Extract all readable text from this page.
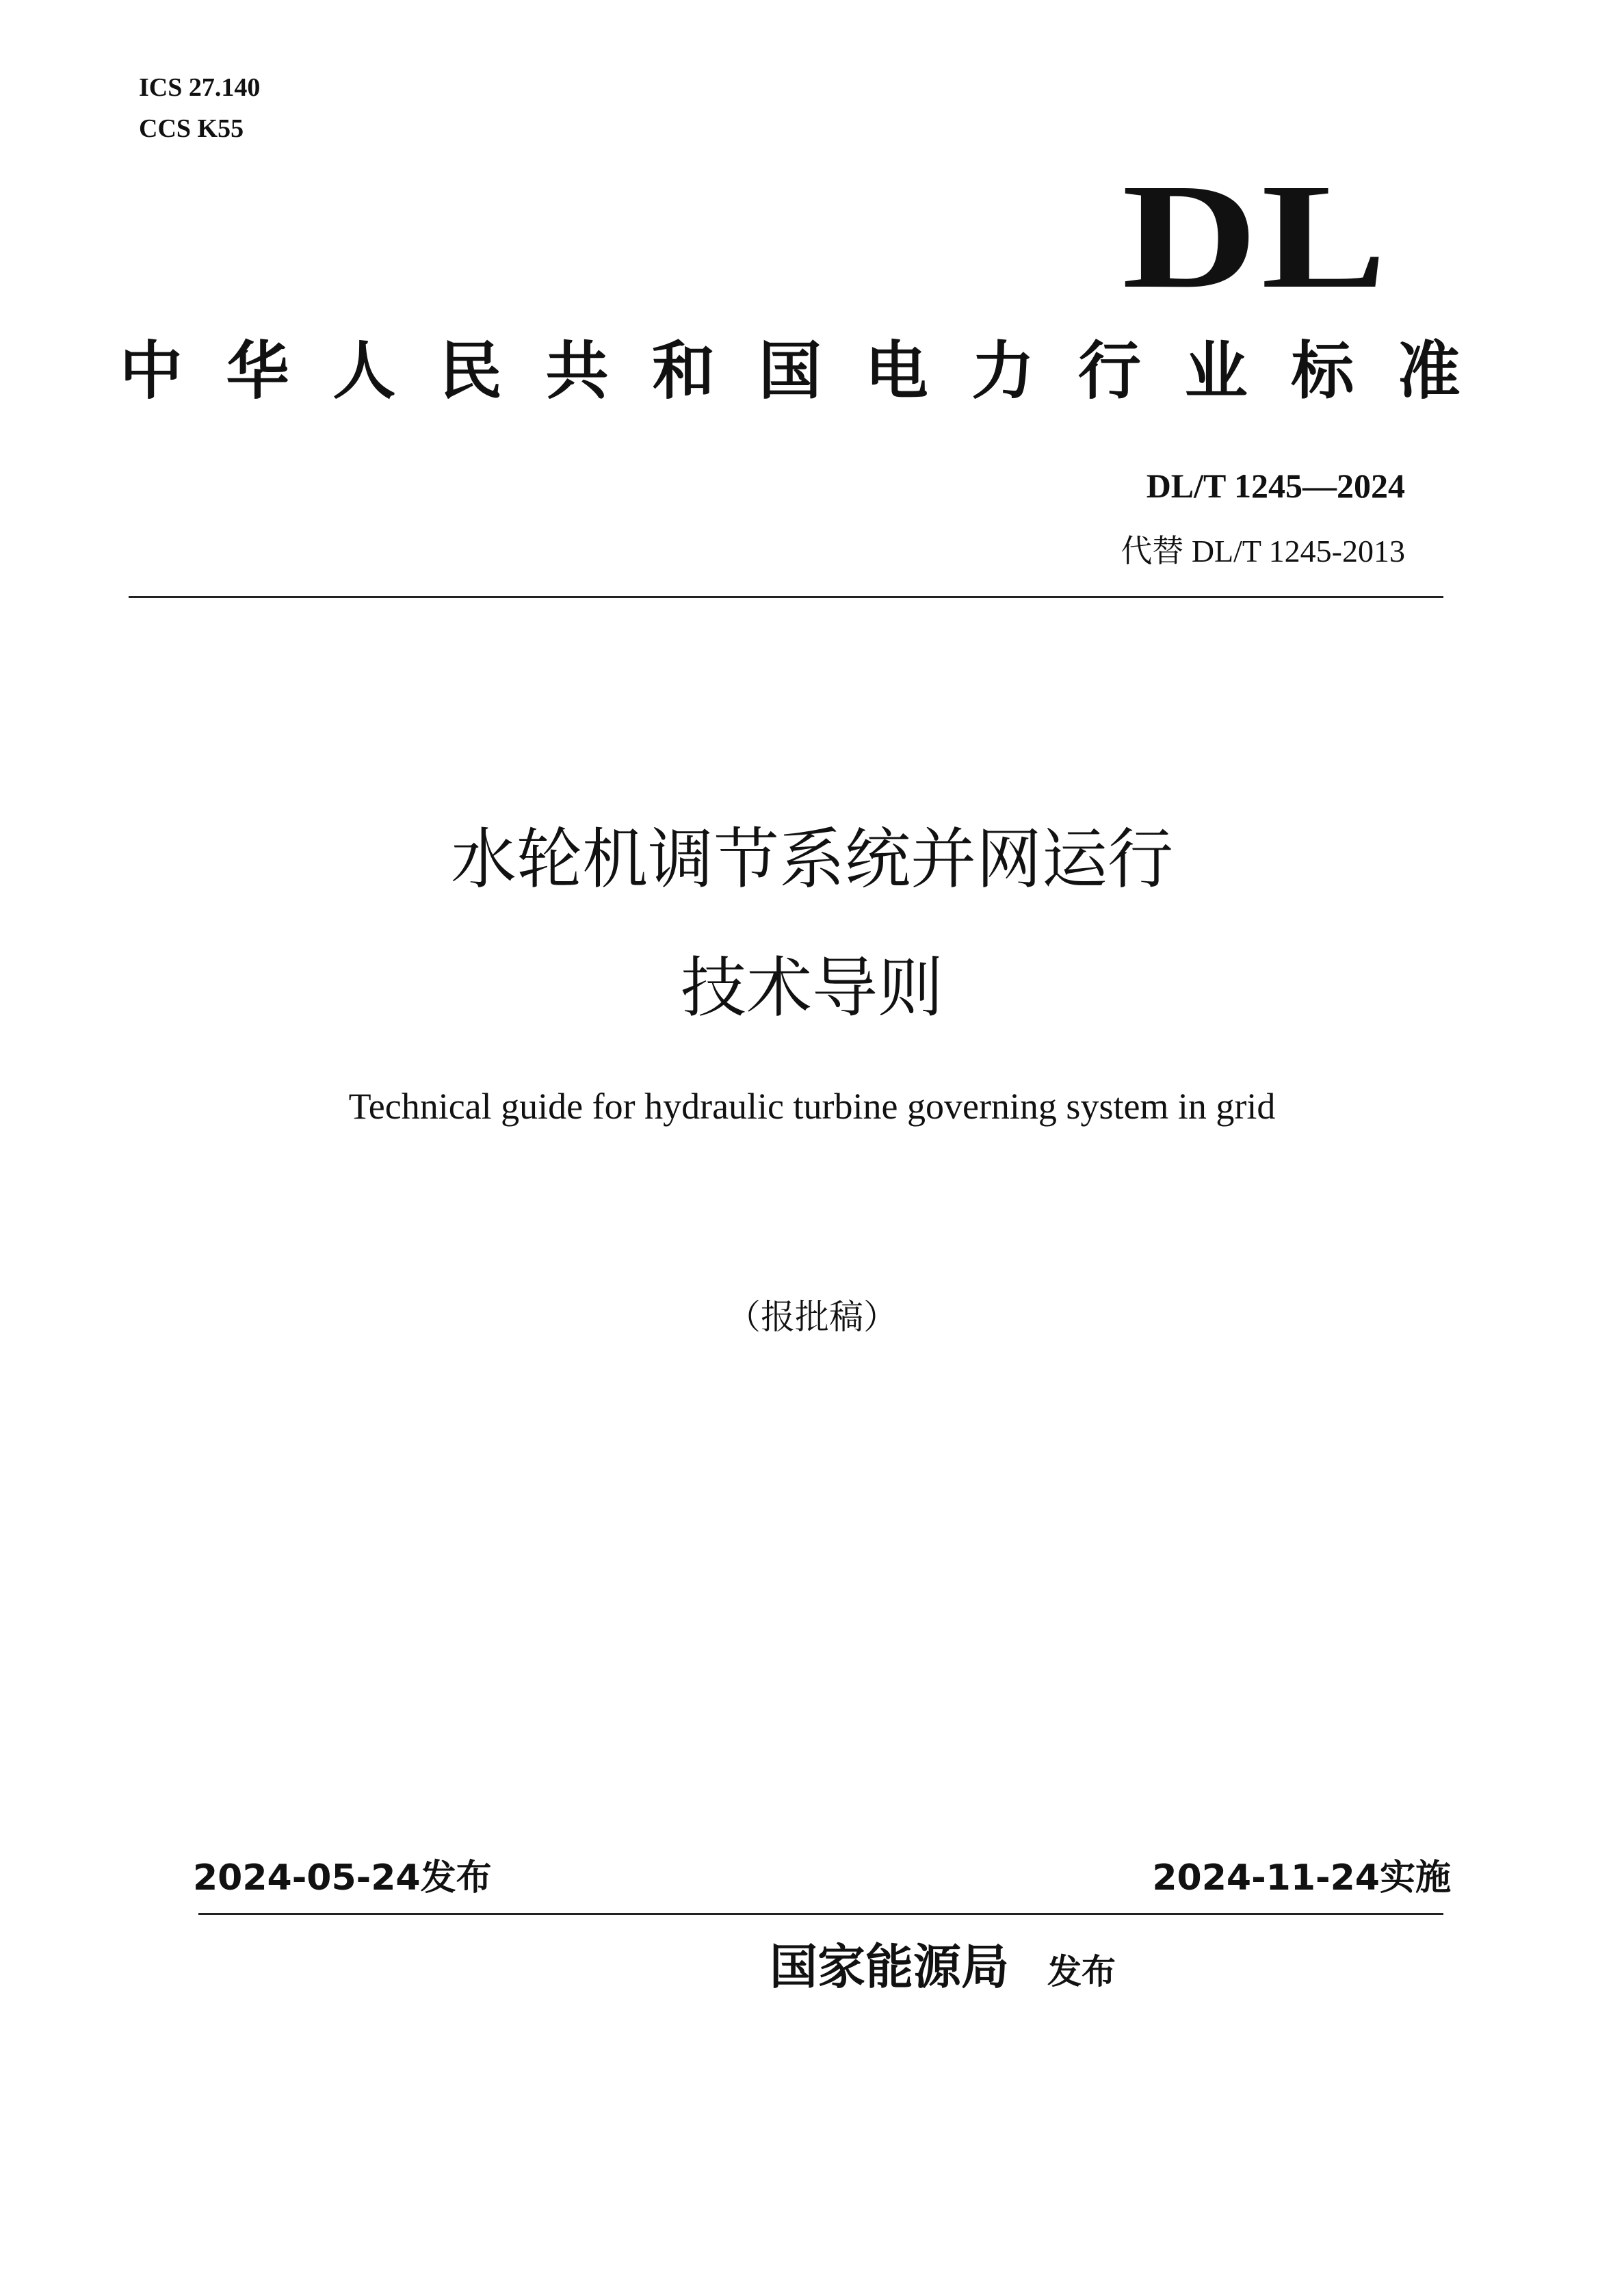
ICS 27.140
CCS K55
DL
中 华 人 民 共 和 国 电 力 行 业 标 准
DL/T 1245—2024
代替 DL/T 1245-2013
水轮机调节系统并网运行
技术导则
Technical guide for hydraulic turbine governing system in grid
（报批稿）
2024-05-24发布	2024-11-24实施
国家能源局 发布
